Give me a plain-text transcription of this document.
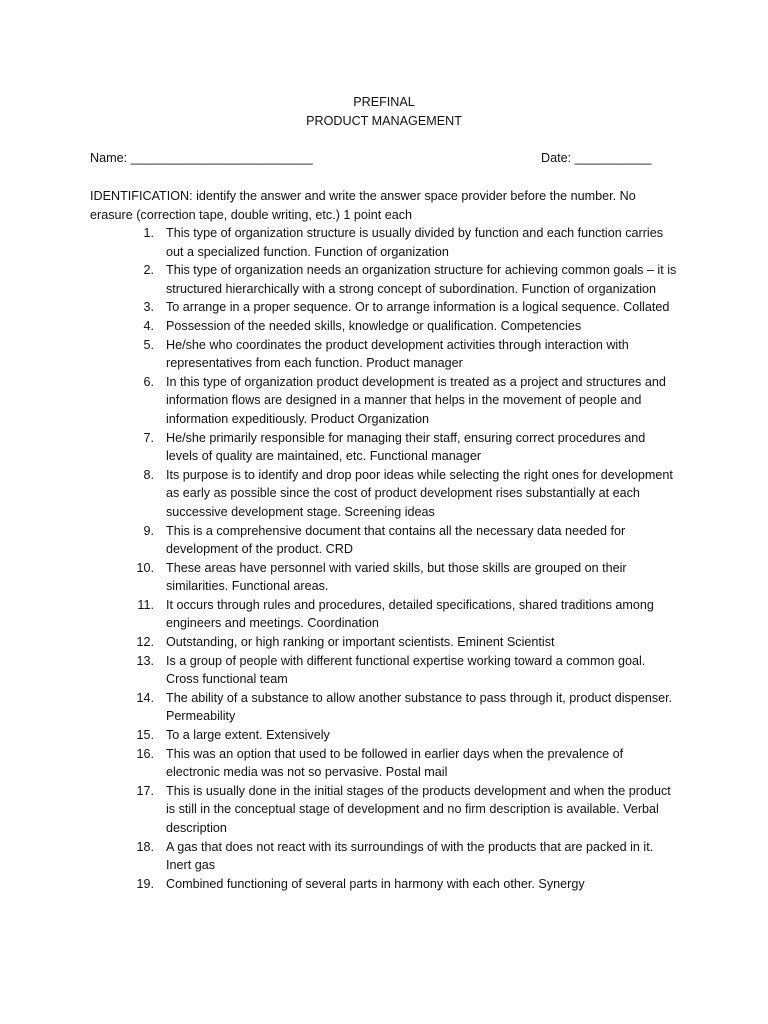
PREFINAL
PRODUCT MANAGEMENT
Name: __________________________	Date: ___________
IDENTIFICATION: identify the answer and write the answer space provider before the number. No erasure (correction tape, double writing, etc.) 1 point each
1. This type of organization structure is usually divided by function and each function carries out a specialized function. Function of organization
2. This type of organization needs an organization structure for achieving common goals – it is structured hierarchically with a strong concept of subordination. Function of organization
3. To arrange in a proper sequence. Or to arrange information is a logical sequence. Collated
4. Possession of the needed skills, knowledge or qualification. Competencies
5. He/she who coordinates the product development activities through interaction with representatives from each function. Product manager
6. In this type of organization product development is treated as a project and structures and information flows are designed in a manner that helps in the movement of people and information expeditiously. Product Organization
7. He/she primarily responsible for managing their staff, ensuring correct procedures and levels of quality are maintained, etc. Functional manager
8. Its purpose is to identify and drop poor ideas while selecting the right ones for development as early as possible since the cost of product development rises substantially at each successive development stage. Screening ideas
9. This is a comprehensive document that contains all the necessary data needed for development of the product. CRD
10. These areas have personnel with varied skills, but those skills are grouped on their similarities. Functional areas.
11. It occurs through rules and procedures, detailed specifications, shared traditions among engineers and meetings. Coordination
12. Outstanding, or high ranking or important scientists. Eminent Scientist
13. Is a group of people with different functional expertise working toward a common goal. Cross functional team
14. The ability of a substance to allow another substance to pass through it, product dispenser. Permeability
15. To a large extent. Extensively
16. This was an option that used to be followed in earlier days when the prevalence of electronic media was not so pervasive. Postal mail
17. This is usually done in the initial stages of the products development and when the product is still in the conceptual stage of development and no firm description is available. Verbal description
18. A gas that does not react with its surroundings of with the products that are packed in it. Inert gas
19. Combined functioning of several parts in harmony with each other. Synergy
